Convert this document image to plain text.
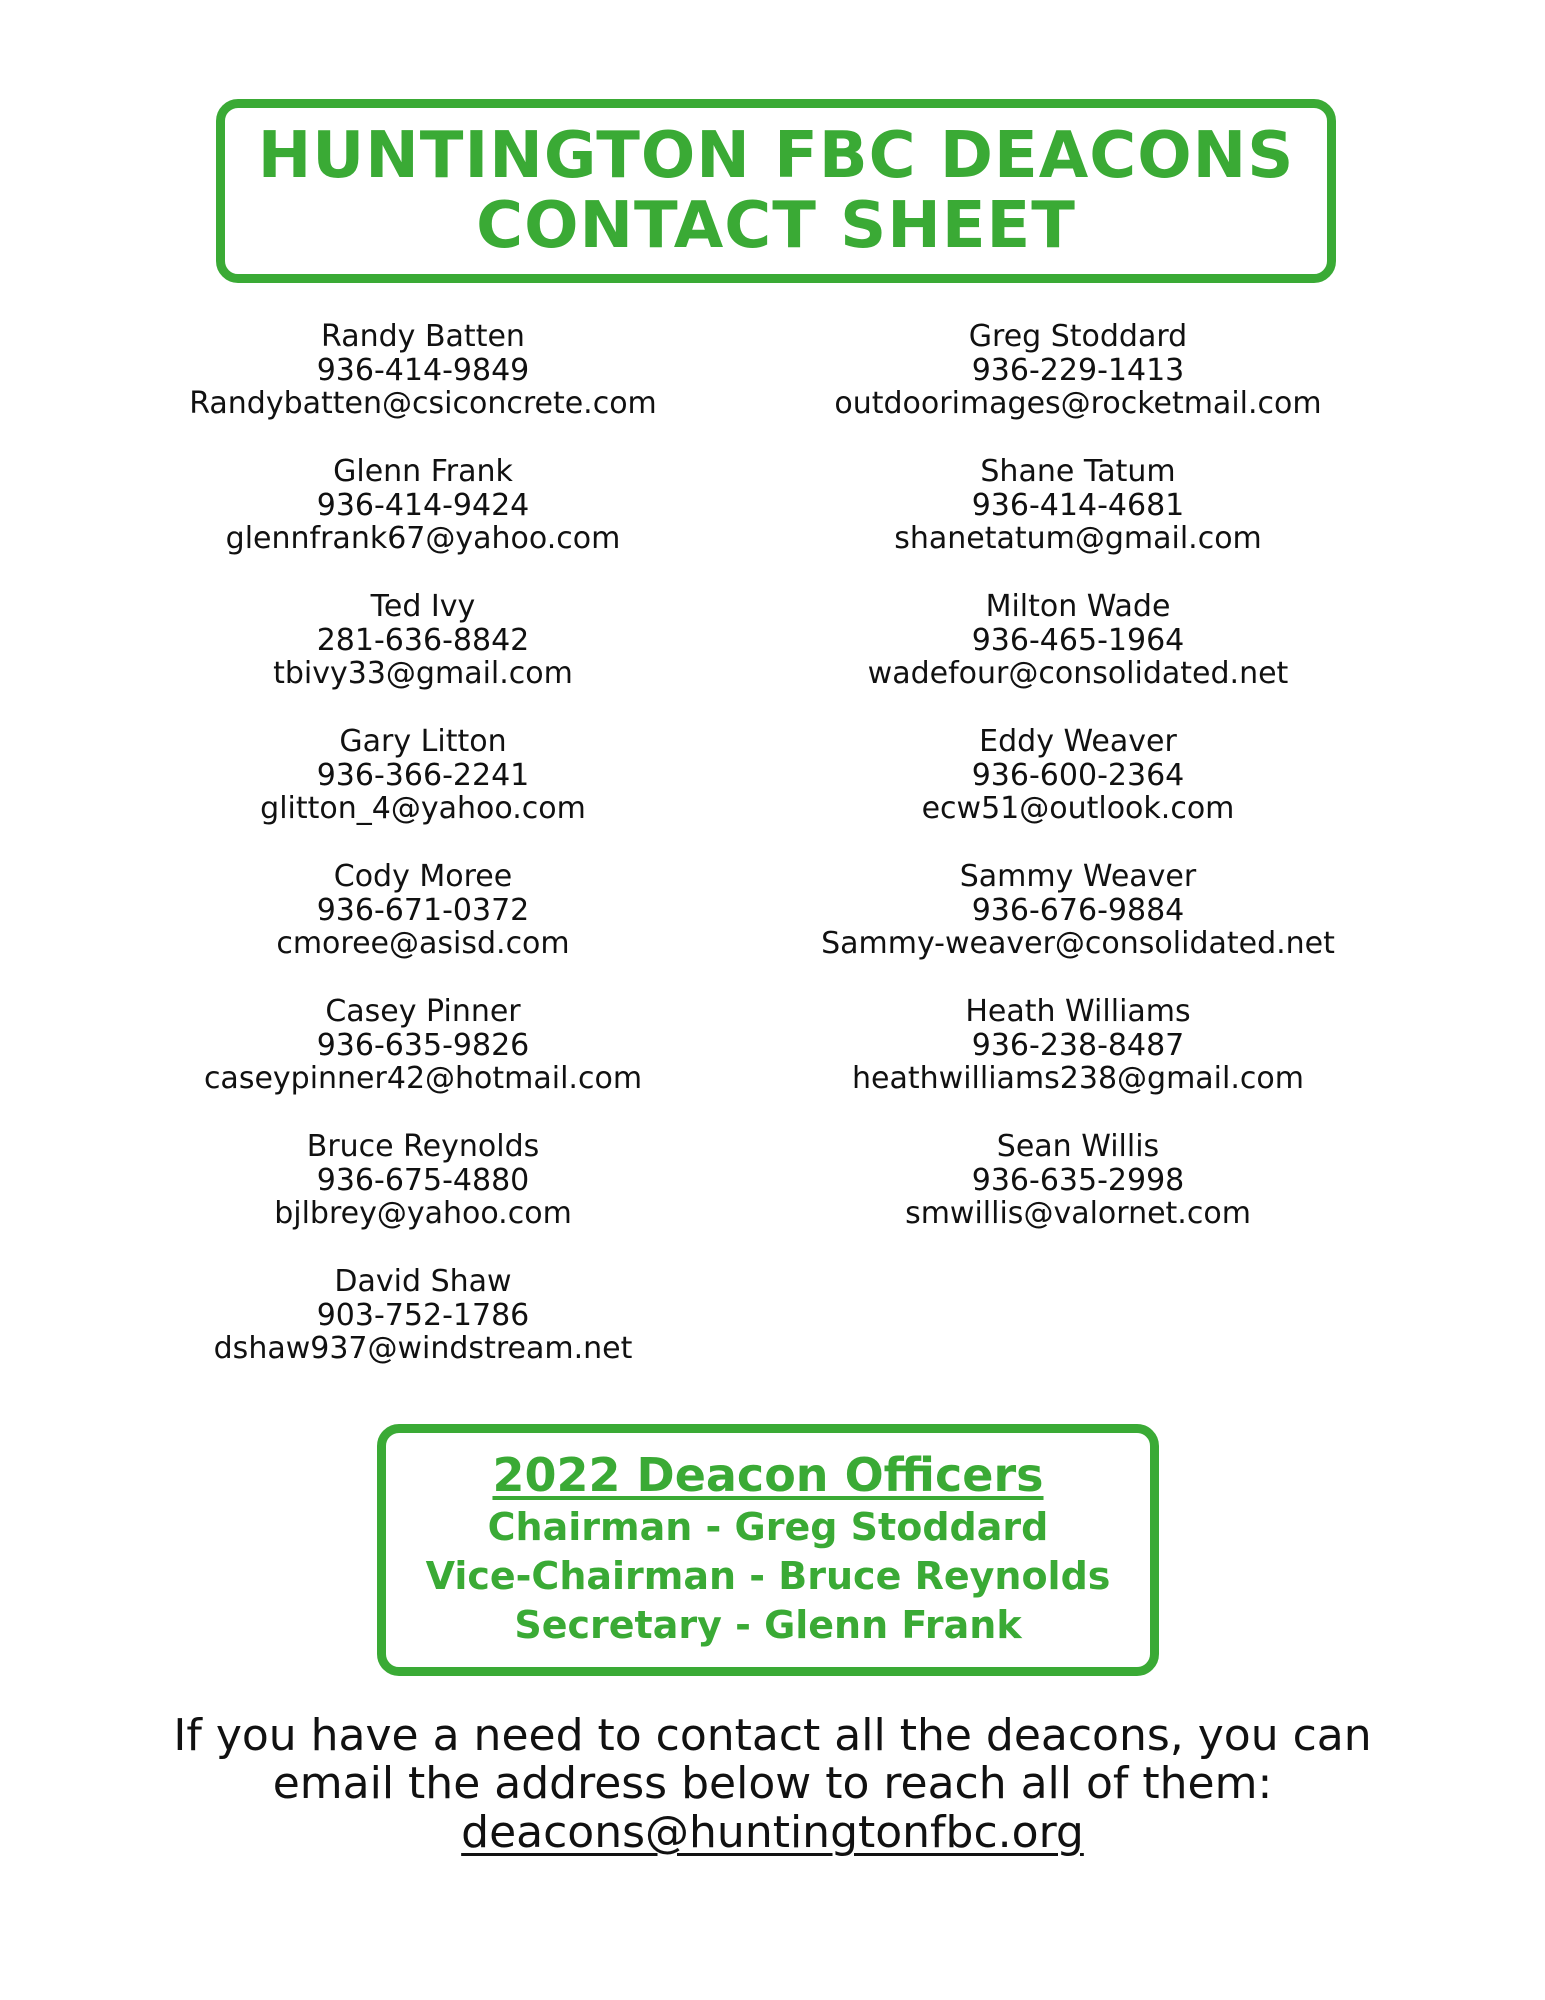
HUNTINGTON FBC DEACONS
CONTACT SHEET
Randy Batten
936-414-9849
Randybatten@csiconcrete.com
Glenn Frank
936-414-9424
glennfrank67@yahoo.com
Ted Ivy
281-636-8842
tbivy33@gmail.com
Gary Litton
936-366-2241
glitton_4@yahoo.com
Cody Moree
936-671-0372
cmoree@asisd.com
Casey Pinner
936-635-9826
caseypinner42@hotmail.com
Bruce Reynolds
936-675-4880
bjlbrey@yahoo.com
David Shaw
903-752-1786
dshaw937@windstream.net
Greg Stoddard
936-229-1413
outdoorimages@rocketmail.com
Shane Tatum
936-414-4681
shanetatum@gmail.com
Milton Wade
936-465-1964
wadefour@consolidated.net
Eddy Weaver
936-600-2364
ecw51@outlook.com
Sammy Weaver
936-676-9884
Sammy-weaver@consolidated.net
Heath Williams
936-238-8487
heathwilliams238@gmail.com
Sean Willis
936-635-2998
smwillis@valornet.com
2022 Deacon Officers
Chairman - Greg Stoddard
Vice-Chairman - Bruce Reynolds
Secretary - Glenn Frank
If you have a need to contact all the deacons, you can
email the address below to reach all of them:
deacons@huntingtonfbc.org
